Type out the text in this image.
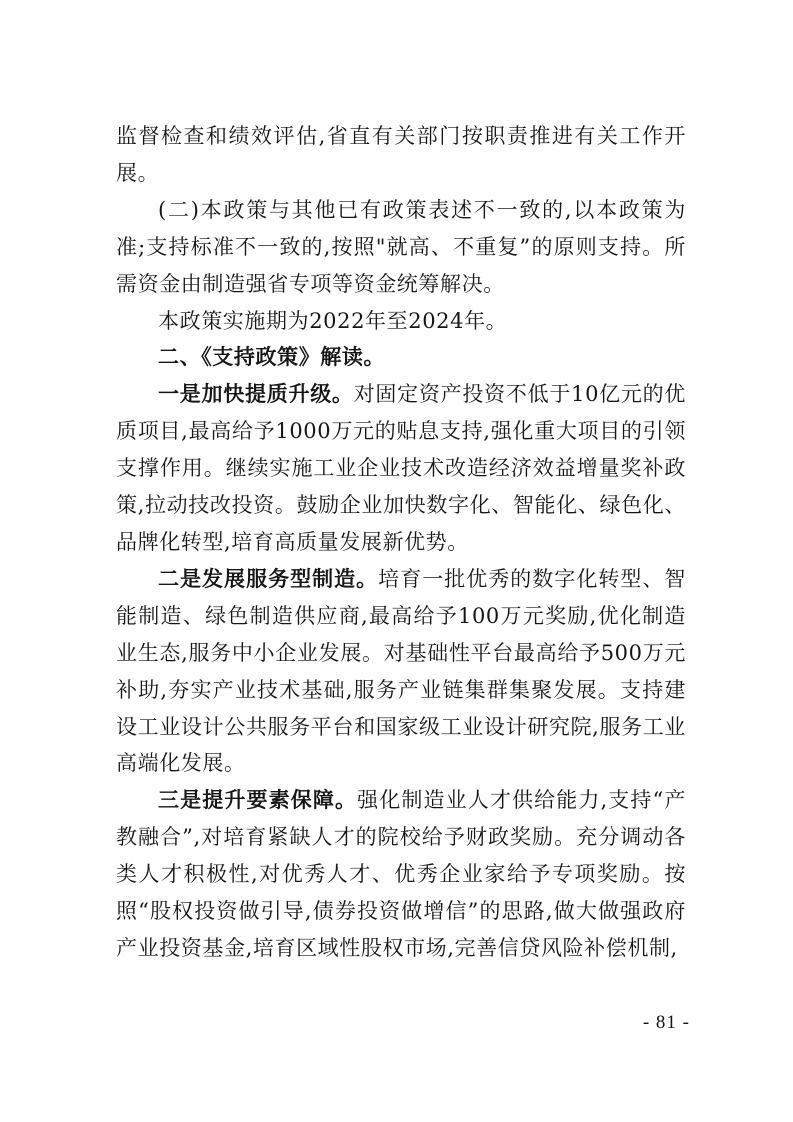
监督检查和绩效评估,省直有关部门按职责推进有关工作开展。

(二)本政策与其他已有政策表述不一致的,以本政策为准;支持标准不一致的,按照"就高、不重复”的原则支持。所需资金由制造强省专项等资金统筹解决。

本政策实施期为2022年至2024年。

二、《支持政策》解读。

一是加快提质升级。对固定资产投资不低于10亿元的优质项目,最高给予1000万元的贴息支持,强化重大项目的引领支撑作用。继续实施工业企业技术改造经济效益增量奖补政策,拉动技改投资。鼓励企业加快数字化、智能化、绿色化、品牌化转型,培育高质量发展新优势。

二是发展服务型制造。培育一批优秀的数字化转型、智能制造、绿色制造供应商,最高给予100万元奖励,优化制造业生态,服务中小企业发展。对基础性平台最高给予500万元补助,夯实产业技术基础,服务产业链集群集聚发展。支持建设工业设计公共服务平台和国家级工业设计研究院,服务工业高端化发展。

三是提升要素保障。强化制造业人才供给能力,支持“产教融合”,对培育紧缺人才的院校给予财政奖励。充分调动各类人才积极性,对优秀人才、优秀企业家给予专项奖励。按照“股权投资做引导,债券投资做增信”的思路,做大做强政府产业投资基金,培育区域性股权市场,完善信贷风险补偿机制,

- 81 -
